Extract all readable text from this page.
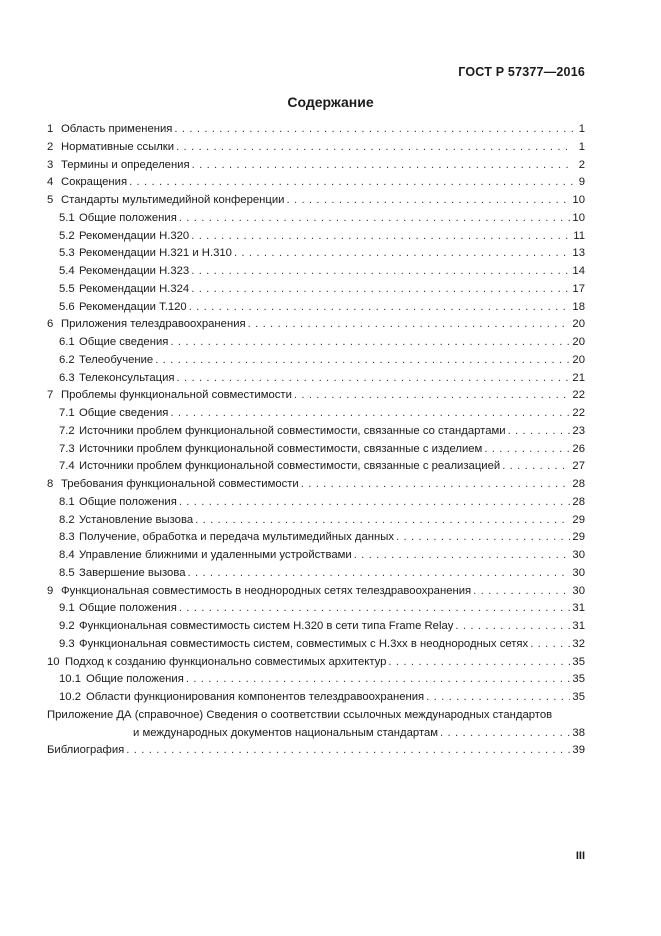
ГОСТ Р 57377—2016
Содержание
1 Область применения . . .	1
2 Нормативные ссылки . . .	1
3 Термины и определения . . .	2
4 Сокращения . . .	9
5 Стандарты мультимедийной конференции . . .	10
5.1 Общие положения . . .	10
5.2 Рекомендации H.320 . . .	11
5.3 Рекомендации H.321 и H.310 . . .	13
5.4 Рекомендации H.323 . . .	14
5.5 Рекомендации H.324 . . .	17
5.6 Рекомендации T.120 . . .	18
6 Приложения телездравоохранения . . .	20
6.1 Общие сведения . . .	20
6.2 Телеобучение . . .	20
6.3 Телеконсультация . . .	21
7 Проблемы функциональной совместимости . . .	22
7.1 Общие сведения . . .	22
7.2 Источники проблем функциональной совместимости, связанные со стандартами . . .	23
7.3 Источники проблем функциональной совместимости, связанные с изделием . . .	26
7.4 Источники проблем функциональной совместимости, связанные с реализацией . . .	27
8 Требования функциональной совместимости . . .	28
8.1 Общие положения . . .	28
8.2 Установление вызова . . .	29
8.3 Получение, обработка и передача мультимедийных данных . . .	29
8.4 Управление ближними и удаленными устройствами . . .	30
8.5 Завершение вызова . . .	30
9 Функциональная совместимость в неоднородных сетях телездравоохранения . . .	30
9.1 Общие положения . . .	31
9.2 Функциональная совместимость систем H.320 в сети типа Frame Relay . . .	31
9.3 Функциональная совместимость систем, совместимых с H.3xx в неоднородных сетях . . .	32
10 Подход к созданию функционально совместимых архитектур . . .	35
10.1 Общие положения . . .	35
10.2 Области функционирования компонентов телездравоохранения . . .	35
Приложение ДА (справочное) Сведения о соответствии ссылочных международных стандартов
и международных документов национальным стандартам . . .	38
Библиография . . .	39
III
